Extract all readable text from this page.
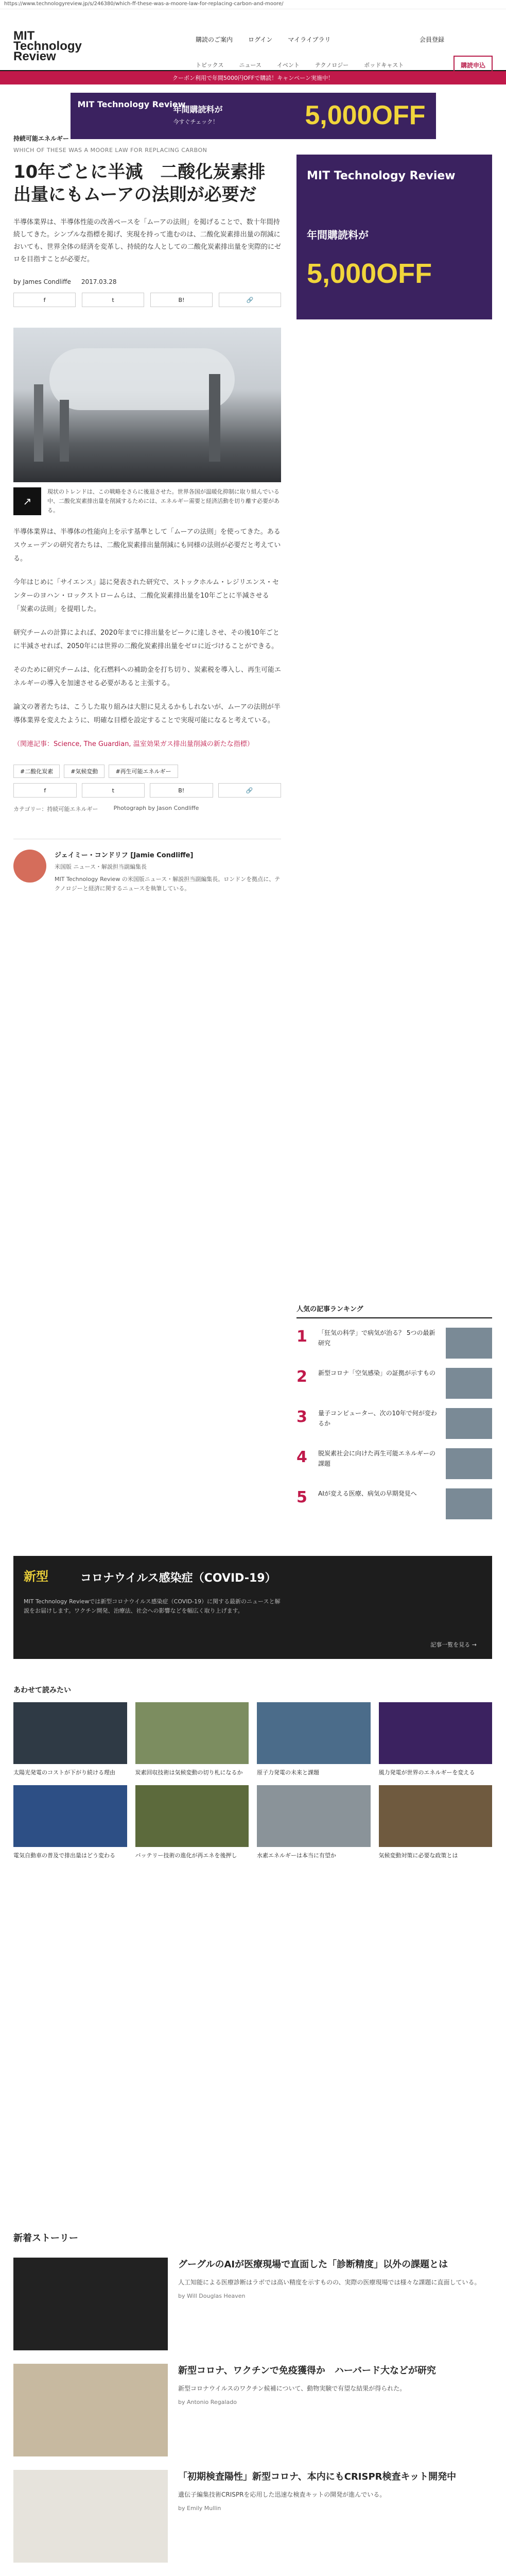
https://www.technologyreview.jp/s/246380/which-ff-these-was-a-moore-law-for-replacing-carbon-and-moore/
MIT
Technology
Review
購読のご案内	ログイン	マイライブラリ	会員登録
トピックス	ニュース	イベント	テクノロジー	ポッドキャスト	購読申込
クーポン利用で年間5000円OFFで購読！キャンペーン実施中！
MIT Technology Review
年間購読料が
今すぐチェック！	5,000OFF
持続可能エネルギー
WHICH OF THESE WAS A MOORE LAW FOR REPLACING CARBON
10年ごとに半減　二酸化炭素排出量にもムーアの法則が必要だ

半導体業界は、半導体性能の改善ペースを「ムーアの法則」を掲げることで、数十年間持続してきた。シンプルな指標を掲げ、実現を持って進むのは、二酸化炭素排出量の削減においても、世界全体の経済を変革し、持続的な人としての二酸化炭素排出量を実際的にゼロを目指すことが必要だ。

by James Condliffe 2017.03.28
f	t	B!	🔗
↗
現状のトレンドは、この戦略をさらに後退させた。世界各国が温暖化抑制に取り組んでいる中、二酸化炭素排出量を削減するためには、エネルギー需要と経済活動を切り離す必要がある。

半導体業界は、半導体の性能向上を示す基準として「ムーアの法則」を使ってきた。あるスウェーデンの研究者たちは、二酸化炭素排出量削減にも同様の法則が必要だと考えている。

今年はじめに「サイエンス」誌に発表された研究で、ストックホルム・レジリエンス・センターのヨハン・ロックストロームらは、二酸化炭素排出量を10年ごとに半減させる「炭素の法則」を提唱した。

研究チームの計算によれば、2020年までに排出量をピークに達しさせ、その後10年ごとに半減させれば、2050年には世界の二酸化炭素排出量をゼロに近づけることができる。

そのために研究チームは、化石燃料への補助金を打ち切り、炭素税を導入し、再生可能エネルギーの導入を加速させる必要があると主張する。

論文の著者たちは、こうした取り組みは大胆に見えるかもしれないが、ムーアの法則が半導体業界を変えたように、明確な目標を設定することで実現可能になると考えている。

（関連記事：Science, The Guardian, 温室効果ガス排出量削減の新たな指標）

#二酸化炭素	#気候変動	#再生可能エネルギー
f	t	B!	🔗
カテゴリー：持続可能エネルギー	Photograph by Jason Condliffe
ジェイミー・コンドリフ [Jamie Condliffe]
米国版 ニュース・解説担当副編集長
MIT Technology Review の米国版ニュース・解説担当副編集長。ロンドンを拠点に、テクノロジーと経済に関するニュースを執筆している。
MIT Technology Review
年間購読料が
5,000OFF
人気の記事ランキング
1	「狂気の科学」で病気が治る？ 5つの最新研究
2	新型コロナ「空気感染」の証拠が示すもの
3	量子コンピューター、次の10年で何が変わるか
4	脱炭素社会に向けた再生可能エネルギーの課題
5	AIが変える医療、病気の早期発見へ
新型	コロナウイルス感染症（COVID-19）
MIT Technology Reviewでは新型コロナウイルス感染症（COVID-19）に関する最新のニュースと解説をお届けします。ワクチン開発、治療法、社会への影響などを幅広く取り上げます。
記事一覧を見る →
あわせて読みたい
太陽光発電のコストが下がり続ける理由	炭素回収技術は気候変動の切り札になるか	原子力発電の未来と課題	風力発電が世界のエネルギーを変える
電気自動車の普及で排出量はどう変わる	バッテリー技術の進化が再エネを後押し	水素エネルギーは本当に有望か	気候変動対策に必要な政策とは
新着ストーリー
グーグルのAIが医療現場で直面した「診断精度」以外の課題とは
人工知能による医療診断はラボでは高い精度を示すものの、実際の医療現場では様々な課題に直面している。
by Will Douglas Heaven
新型コロナ、ワクチンで免疫獲得か　ハーバード大などが研究
新型コロナウイルスのワクチン候補について、動物実験で有望な結果が得られた。
by Antonio Regalado
「初期検査陽性」新型コロナ、本内にもCRISPR検査キット開発中
遺伝子編集技術CRISPRを応用した迅速な検査キットの開発が進んでいる。
by Emily Mullin
